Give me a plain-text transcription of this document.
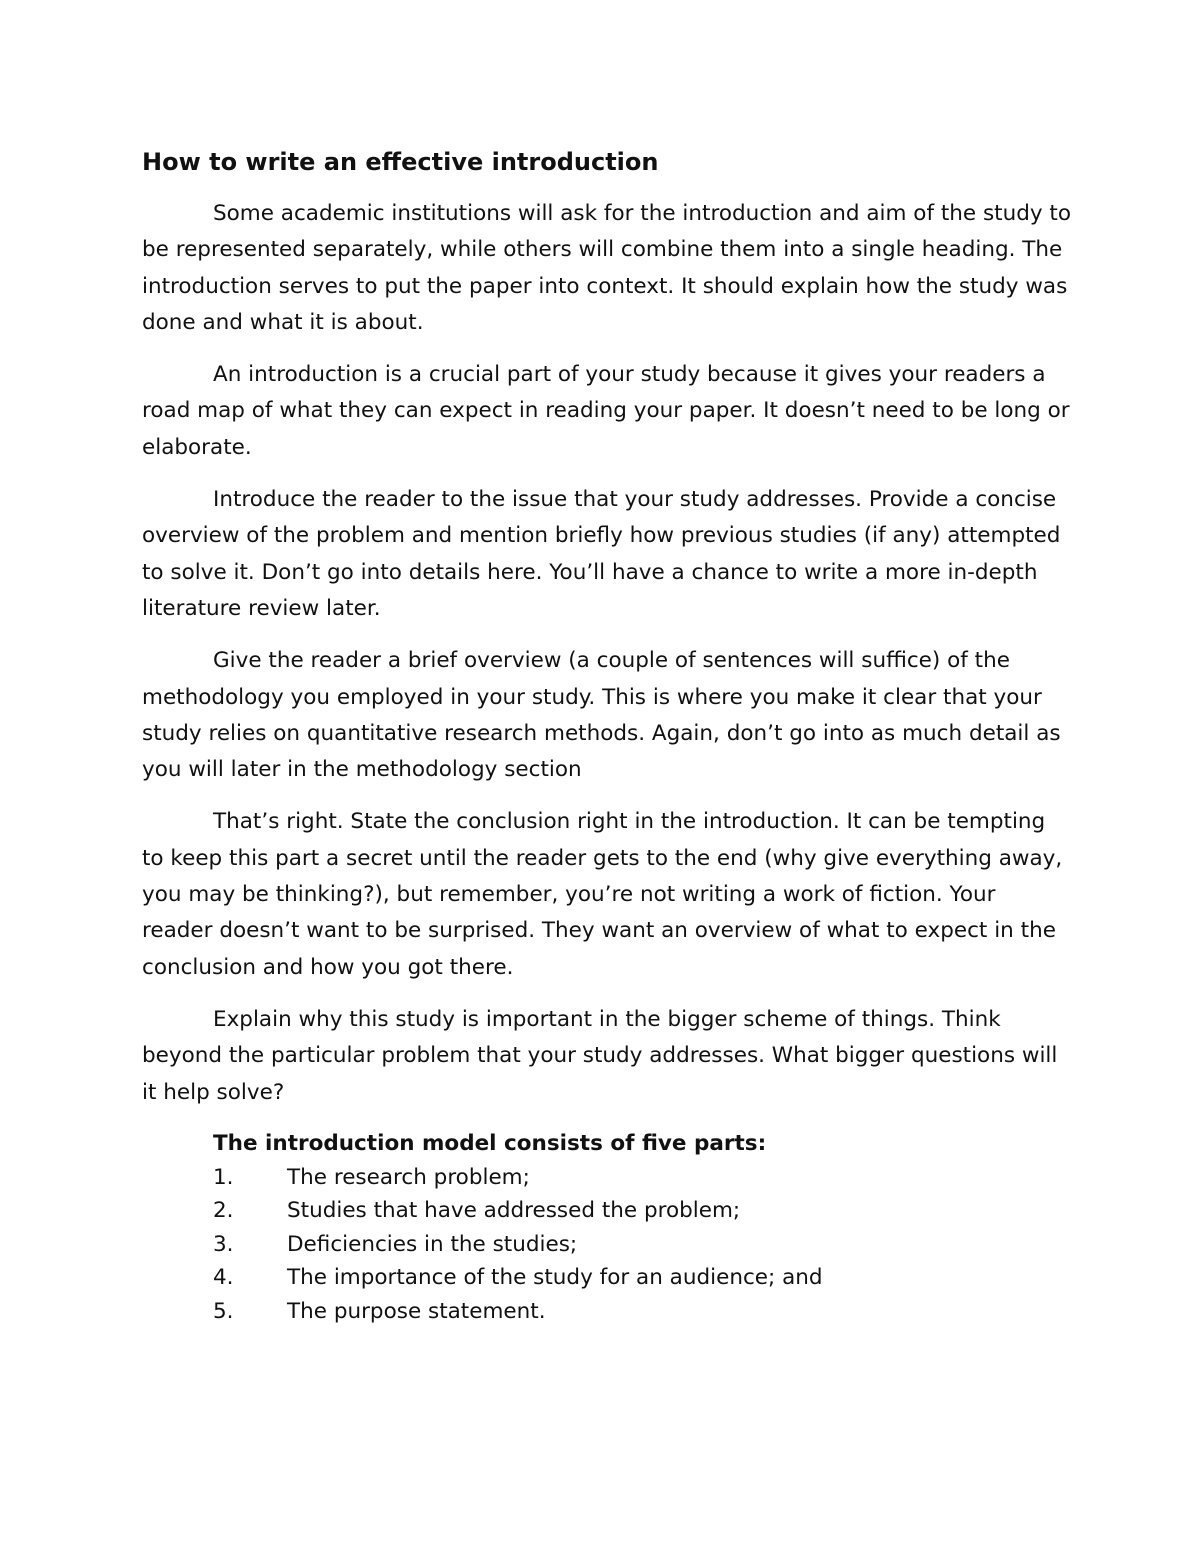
How to write an effective introduction

Some academic institutions will ask for the introduction and aim of the study to be represented separately, while others will combine them into a single heading. The introduction serves to put the paper into context. It should explain how the study was done and what it is about.

An introduction is a crucial part of your study because it gives your readers a road map of what they can expect in reading your paper. It doesn’t need to be long or elaborate.

Introduce the reader to the issue that your study addresses. Provide a concise overview of the problem and mention briefly how previous studies (if any) attempted to solve it. Don’t go into details here. You’ll have a chance to write a more in-depth literature review later.

Give the reader a brief overview (a couple of sentences will suffice) of the methodology you employed in your study. This is where you make it clear that your study relies on quantitative research methods. Again, don’t go into as much detail as you will later in the methodology section

That’s right. State the conclusion right in the introduction. It can be tempting to keep this part a secret until the reader gets to the end (why give everything away, you may be thinking?), but remember, you’re not writing a work of fiction. Your reader doesn’t want to be surprised. They want an overview of what to expect in the conclusion and how you got there.

Explain why this study is important in the bigger scheme of things. Think beyond the particular problem that your study addresses. What bigger questions will it help solve?

The introduction model consists of five parts:
1.	The research problem;
2.	Studies that have addressed the problem;
3.	Deficiencies in the studies;
4.	The importance of the study for an audience; and
5.	The purpose statement.
